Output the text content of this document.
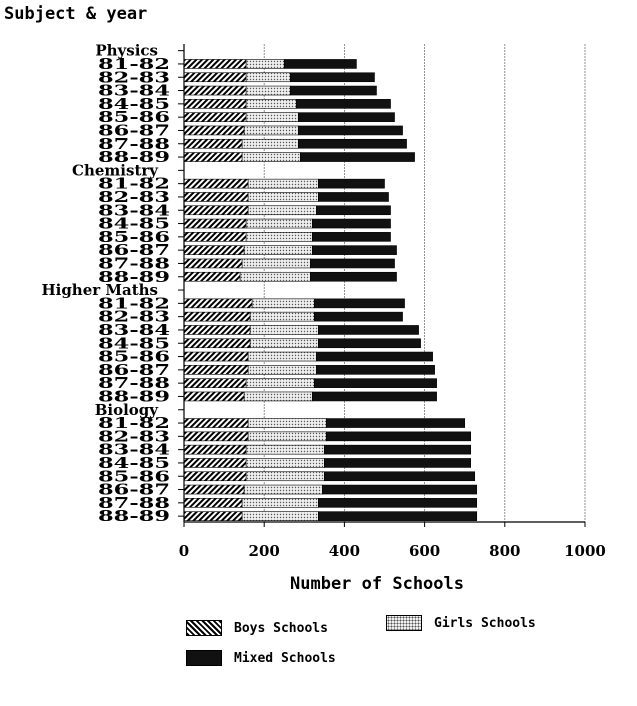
Subject & year
0	200	400	600	800	1000
Physics
81-82
82-83
83-84
84-85
85-86
86-87
87-88
88-89
Chemistry
81-82
82-83
83-84
84-85
85-86
86-87
87-88
88-89
Higher Maths
81-82
82-83
83-84
84-85
85-86
86-87
87-88
88-89
Biology
81-82
82-83
83-84
84-85
85-86
86-87
87-88
88-89
Number of Schools
Boys Schools	Girls Schools
Mixed Schools
